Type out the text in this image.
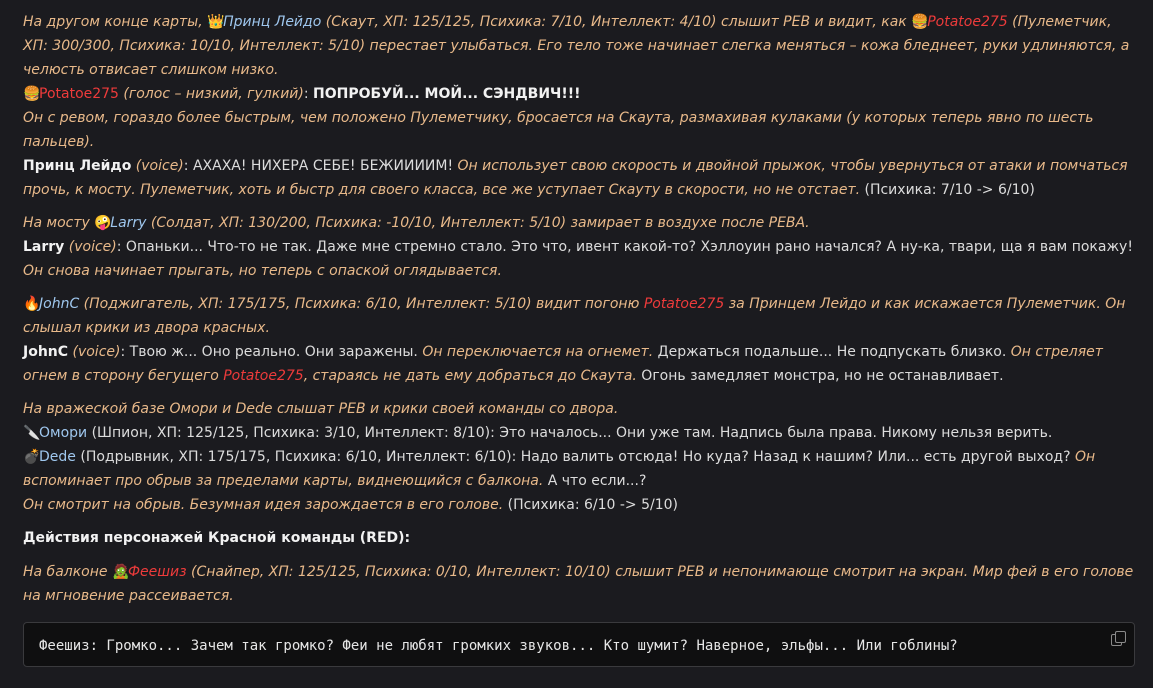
На другом конце карты, 👑Принц Лейдо (Скаут, ХП: 125/125, Психика: 7/10, Интеллект: 4/10) слышит РЕВ и видит, как 🍔Potatoe275 (Пулеметчик, ХП: 300/300, Психика: 10/10, Интеллект: 5/10) перестает улыбаться. Его тело тоже начинает слегка меняться – кожа бледнеет, руки удлиняются, а челюсть отвисает слишком низко.

🍔Potatoe275 (голос – низкий, гулкий): ПОПРОБУЙ... МОЙ... СЭНДВИЧ!!!

Он с ревом, гораздо более быстрым, чем положено Пулеметчику, бросается на Скаута, размахивая кулаками (у которых теперь явно по шесть пальцев).

Принц Лейдо (voice): АХАХА! НИХЕРА СЕБЕ! БЕЖИИИИМ! Он использует свою скорость и двойной прыжок, чтобы увернуться от атаки и помчаться прочь, к мосту. Пулеметчик, хоть и быстр для своего класса, все же уступает Скауту в скорости, но не отстает. (Психика: 7/10 -> 6/10)

На мосту 🤪Larry (Солдат, ХП: 130/200, Психика: -10/10, Интеллект: 5/10) замирает в воздухе после РЕВА.

Larry (voice): Опаньки... Что-то не так. Даже мне стремно стало. Это что, ивент какой-то? Хэллоуин рано начался? А ну-ка, твари, ща я вам покажу!

Он снова начинает прыгать, но теперь с опаской оглядывается.

🔥JohnC (Поджигатель, ХП: 175/175, Психика: 6/10, Интеллект: 5/10) видит погоню Potatoe275 за Принцем Лейдо и как искажается Пулеметчик. Он слышал крики из двора красных.

JohnC (voice): Твою ж... Оно реально. Они заражены. Он переключается на огнемет. Держаться подальше... Не подпускать близко. Он стреляет огнем в сторону бегущего Potatoe275, стараясь не дать ему добраться до Скаута. Огонь замедляет монстра, но не останавливает.

На вражеской базе Омори и Dede слышат РЕВ и крики своей команды со двора.

🔪Омори (Шпион, ХП: 125/125, Психика: 3/10, Интеллект: 8/10): Это началось... Они уже там. Надпись была права. Никому нельзя верить.

💣Dede (Подрывник, ХП: 175/175, Психика: 6/10, Интеллект: 6/10): Надо валить отсюда! Но куда? Назад к нашим? Или... есть другой выход? Он вспоминает про обрыв за пределами карты, виднеющийся с балкона. А что если...?

Он смотрит на обрыв. Безумная идея зарождается в его голове. (Психика: 6/10 -> 5/10)

Действия персонажей Красной команды (RED):

На балконе 🧟Феешиз (Снайпер, ХП: 125/125, Психика: 0/10, Интеллект: 10/10) слышит РЕВ и непонимающе смотрит на экран. Мир фей в его голове на мгновение рассеивается.

Феешиз: Громко... Зачем так громко? Феи не любят громких звуков... Кто шумит? Наверное, эльфы... Или гоблины?
